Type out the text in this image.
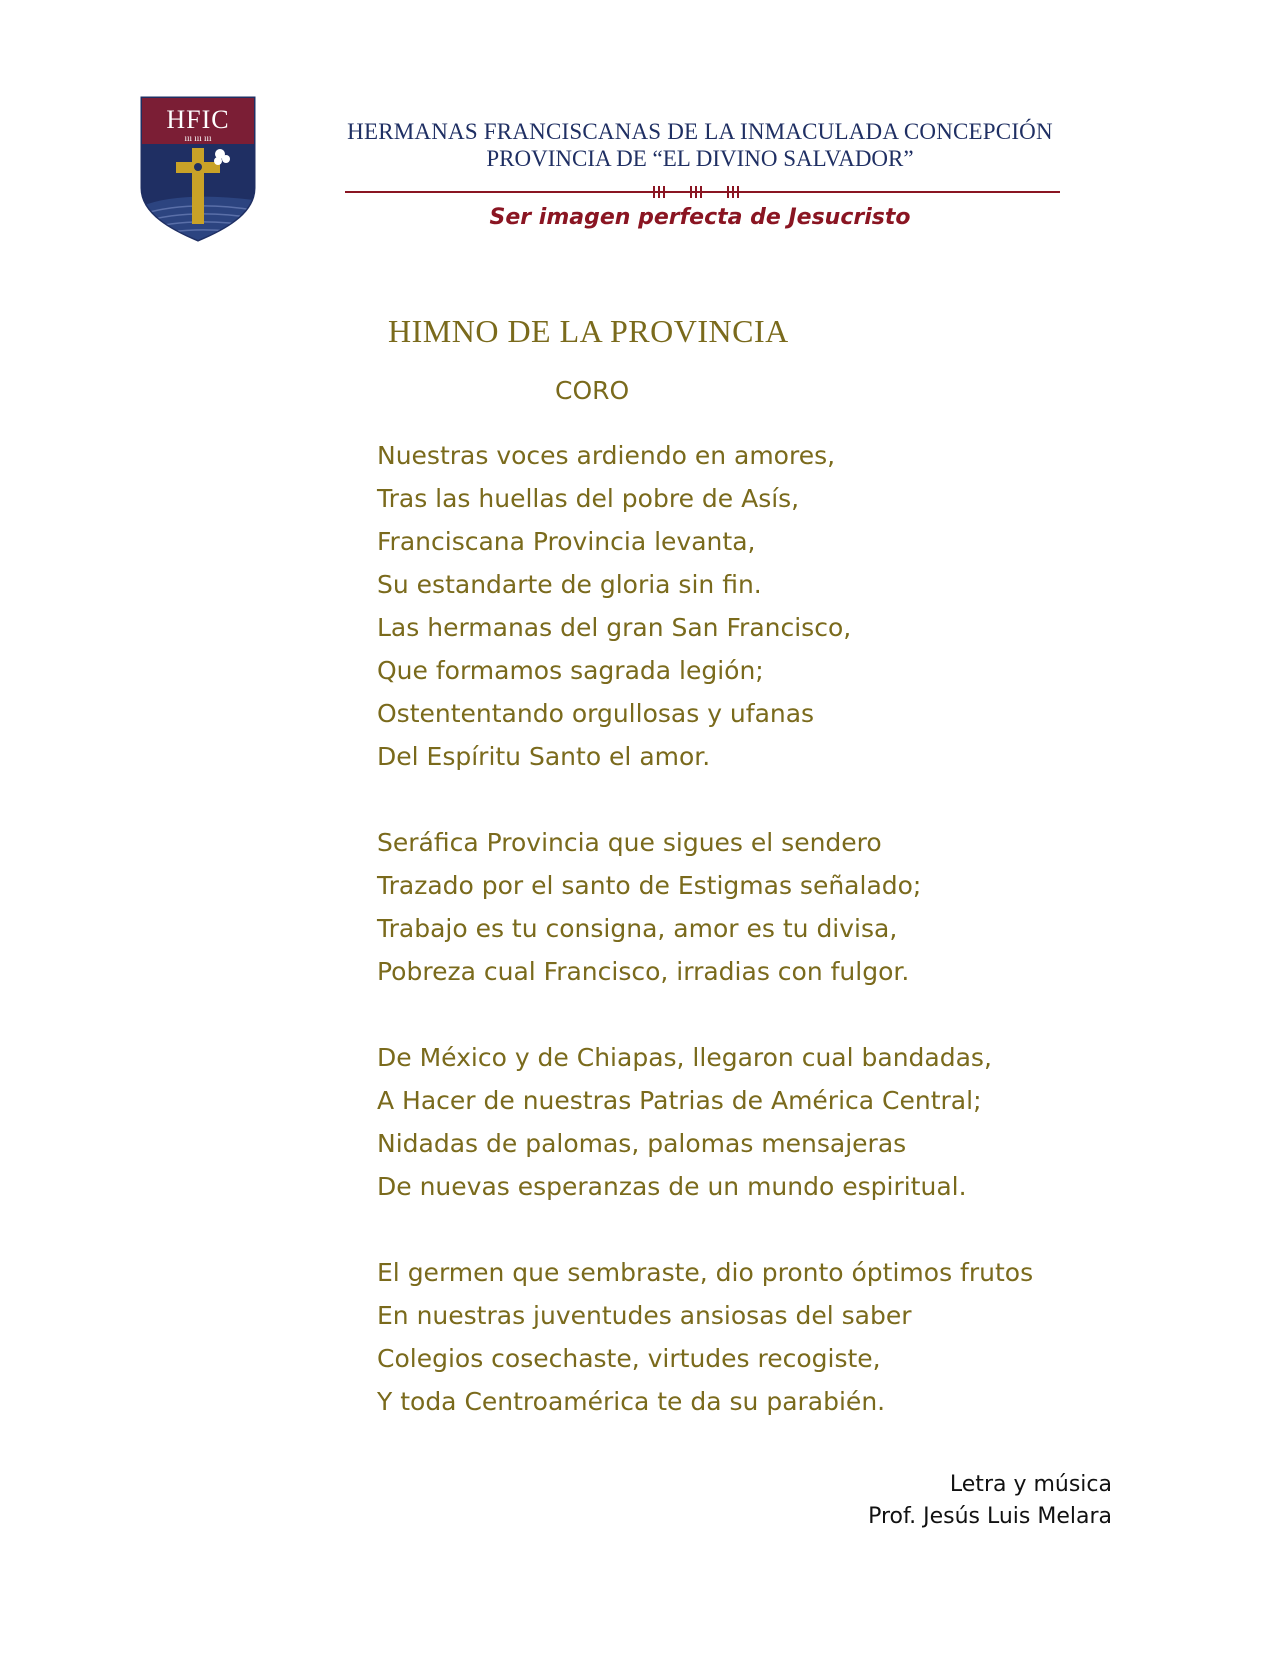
HFIC
ııı ııı ııı	HERMANAS FRANCISCANAS DE LA INMACULADA CONCEPCIÓN
PROVINCIA DE “EL DIVINO SALVADOR”
Ser imagen perfecta de Jesucristo
HIMNO DE LA PROVINCIA
CORO
Nuestras voces ardiendo en amores,
Tras las huellas del pobre de Asís,
Franciscana Provincia levanta,
Su estandarte de gloria sin fin.
Las hermanas del gran San Francisco,
Que formamos sagrada legión;
Ostententando orgullosas y ufanas
Del Espíritu Santo el amor.
Seráfica Provincia que sigues el sendero
Trazado por el santo de Estigmas señalado;
Trabajo es tu consigna, amor es tu divisa,
Pobreza cual Francisco, irradias con fulgor.
De México y de Chiapas, llegaron cual bandadas,
A Hacer de nuestras Patrias de América Central;
Nidadas de palomas, palomas mensajeras
De nuevas esperanzas de un mundo espiritual.
El germen que sembraste, dio pronto óptimos frutos
En nuestras juventudes ansiosas del saber
Colegios cosechaste, virtudes recogiste,
Y toda Centroamérica te da su parabién.
Letra y música
Prof. Jesús Luis Melara
